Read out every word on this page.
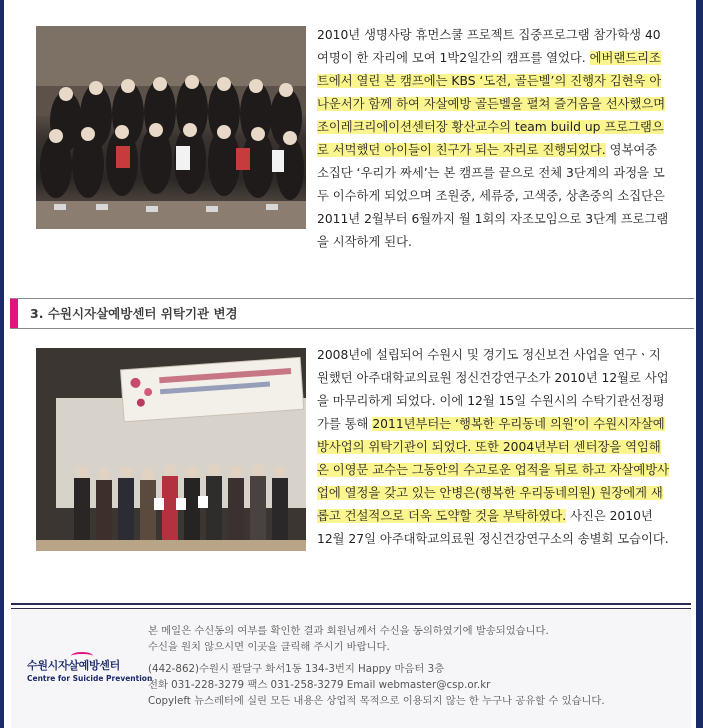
2010년 생명사랑 휴먼스쿨 프로젝트 집중프로그램 참가학생 40여명이 한 자리에 모여 1박2일간의 캠프를 열었다. 에버랜드리조트에서 열린 본 캠프에는 KBS ‘도전, 골든벨’의 진행자 김현욱 아나운서가 함께 하여 자살예방 골든벨을 펼쳐 즐거움을 선사했으며 조이레크리에이션센터장 황산교수의 team build up 프로그램으로 서먹했던 아이들이 친구가 되는 자리로 진행되었다. 영복여중 소집단 ‘우리가 짜세’는 본 캠프를 끝으로 전체 3단계의 과정을 모두 이수하게 되었으며 조원중, 세류중, 고색중, 상촌중의 소집단은 2011년 2월부터 6월까지 월 1회의 자조모임으로 3단계 프로그램을 시작하게 된다.

3. 수원시자살예방센터 위탁기관 변경

2008년에 설립되어 수원시 및 경기도 정신보건 사업을 연구ㆍ지원했던 아주대학교의료원 정신건강연구소가 2010년 12월로 사업을 마무리하게 되었다. 이에 12월 15일 수원시의 수탁기관선정평가를 통해 2011년부터는 ‘행복한 우리동네 의원’이 수원시자살예방사업의 위탁기관이 되었다. 또한 2004년부터 센터장을 역임해온 이영문 교수는 그동안의 수고로운 업적을 뒤로 하고 자살예방사업에 열정을 갖고 있는 안병은(행복한 우리동네의원) 원장에게 새롭고 건설적으로 더욱 도약할 것을 부탁하였다. 사진은 2010년 12월 27일 아주대학교의료원 정신건강연구소의 송별회 모습이다.

본 메일은 수신동의 여부를 확인한 결과 회원님께서 수신을 동의하였기에 발송되었습니다.
수신을 원치 않으시면 이곳을 클릭해 주시기 바랍니다.
수원시자살예방센터
Centre for Suicide Prevention
(442-862)수원시 팔달구 화서1동 134-3번지 Happy 마음터 3층
전화 031-228-3279 팩스 031-258-3279 Email webmaster@csp.or.kr
Copyleft 뉴스레터에 실린 모든 내용은 상업적 목적으로 이용되지 않는 한 누구나 공유할 수 있습니다.
